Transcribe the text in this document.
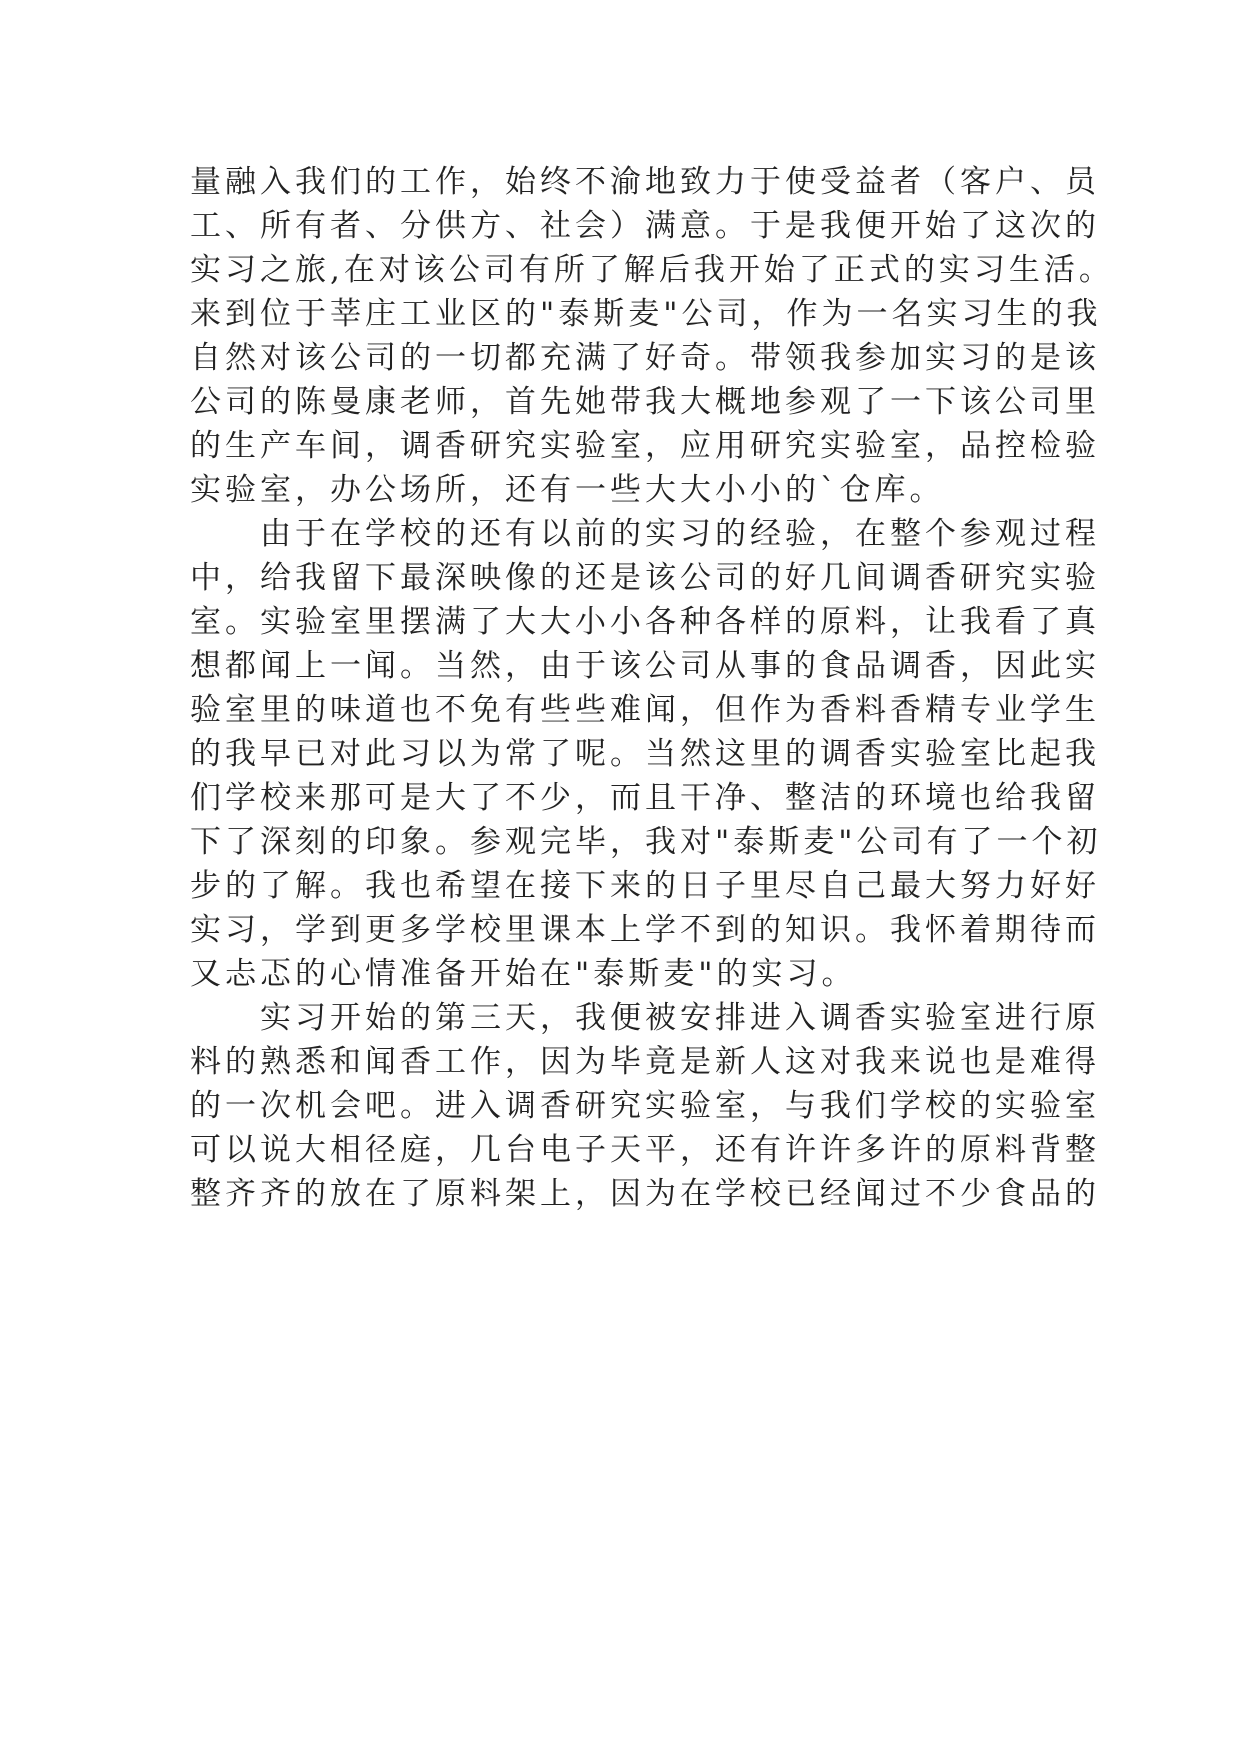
量融入我们的工作，始终不渝地致力于使受益者（客户、员
工、所有者、分供方、社会）满意。于是我便开始了这次的
实习之旅,在对该公司有所了解后我开始了正式的实习生活。
来到位于莘庄工业区的"泰斯麦"公司，作为一名实习生的我
自然对该公司的一切都充满了好奇。带领我参加实习的是该
公司的陈曼康老师，首先她带我大概地参观了一下该公司里
的生产车间，调香研究实验室，应用研究实验室，品控检验
实验室，办公场所，还有一些大大小小的`仓库。
　　由于在学校的还有以前的实习的经验，在整个参观过程
中，给我留下最深映像的还是该公司的好几间调香研究实验
室。实验室里摆满了大大小小各种各样的原料，让我看了真
想都闻上一闻。当然，由于该公司从事的食品调香，因此实
验室里的味道也不免有些些难闻，但作为香料香精专业学生
的我早已对此习以为常了呢。当然这里的调香实验室比起我
们学校来那可是大了不少，而且干净、整洁的环境也给我留
下了深刻的印象。参观完毕，我对"泰斯麦"公司有了一个初
步的了解。我也希望在接下来的日子里尽自己最大努力好好
实习，学到更多学校里课本上学不到的知识。我怀着期待而
又忐忑的心情准备开始在"泰斯麦"的实习。
　　实习开始的第三天，我便被安排进入调香实验室进行原
料的熟悉和闻香工作，因为毕竟是新人这对我来说也是难得
的一次机会吧。进入调香研究实验室，与我们学校的实验室
可以说大相径庭，几台电子天平，还有许许多许的原料背整
整齐齐的放在了原料架上，因为在学校已经闻过不少食品的
